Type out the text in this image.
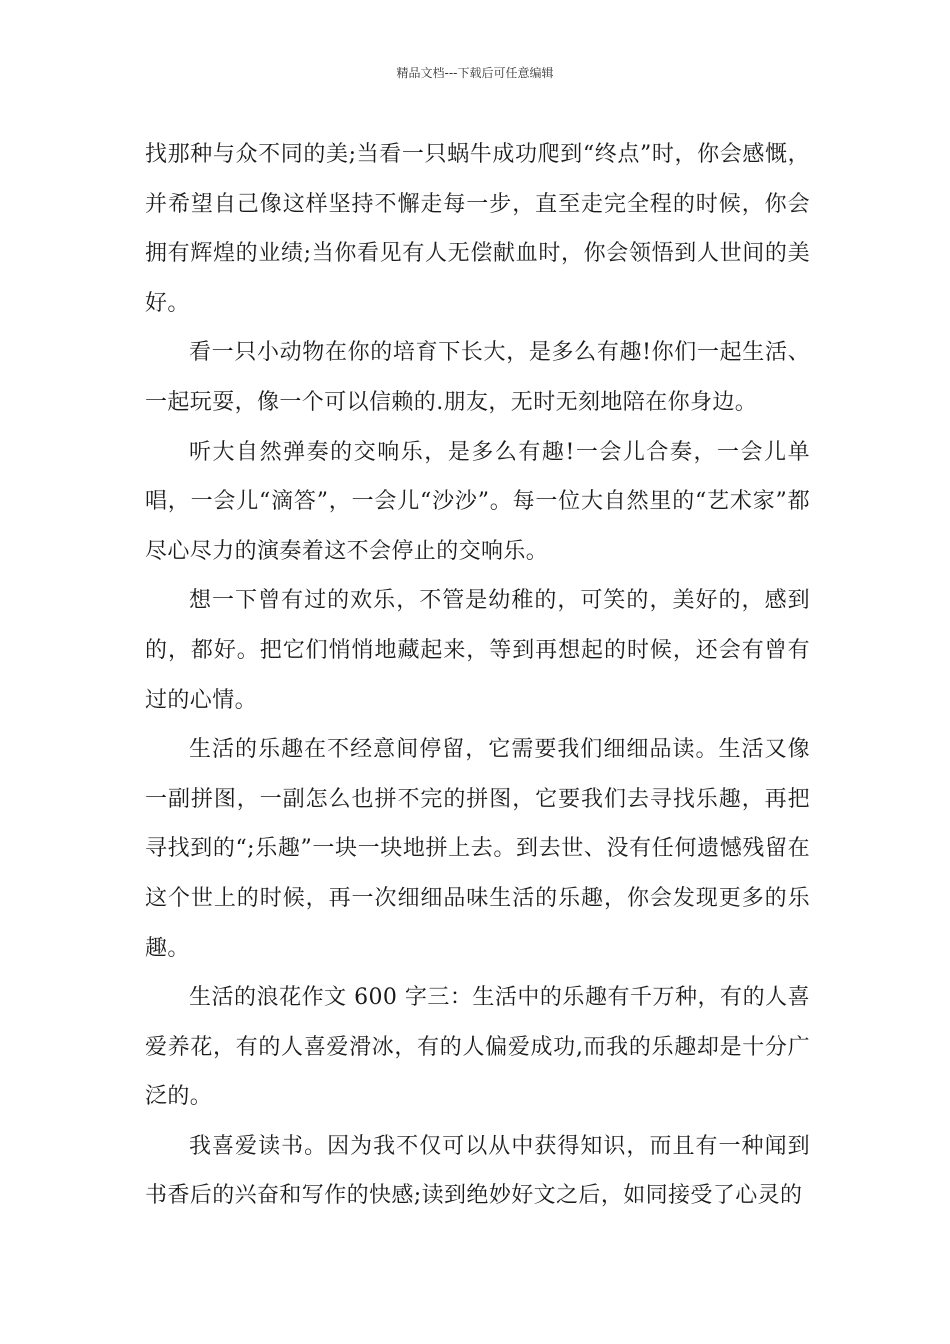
精品文档---下载后可任意编辑

找那种与众不同的美;当看一只蜗牛成功爬到“终点”时，你会感慨，并希望自己像这样坚持不懈走每一步，直至走完全程的时候，你会拥有辉煌的业绩;当你看见有人无偿献血时，你会领悟到人世间的美好。

看一只小动物在你的培育下长大，是多么有趣!你们一起生活、一起玩耍，像一个可以信赖的.朋友，无时无刻地陪在你身边。

听大自然弹奏的交响乐，是多么有趣!一会儿合奏，一会儿单唱，一会儿“滴答”，一会儿“沙沙”。每一位大自然里的“艺术家”都尽心尽力的演奏着这不会停止的交响乐。

想一下曾有过的欢乐，不管是幼稚的，可笑的，美好的，感到的，都好。把它们悄悄地藏起来，等到再想起的时候，还会有曾有过的心情。

生活的乐趣在不经意间停留，它需要我们细细品读。生活又像一副拼图，一副怎么也拼不完的拼图，它要我们去寻找乐趣，再把寻找到的“;乐趣”一块一块地拼上去。到去世、没有任何遗憾残留在这个世上的时候，再一次细细品味生活的乐趣，你会发现更多的乐趣。

生活的浪花作文 600 字三：生活中的乐趣有千万种，有的人喜爱养花，有的人喜爱滑冰，有的人偏爱成功,而我的乐趣却是十分广泛的。

我喜爱读书。因为我不仅可以从中获得知识，而且有一种闻到书香后的兴奋和写作的快感;读到绝妙好文之后，如同接受了心灵的
